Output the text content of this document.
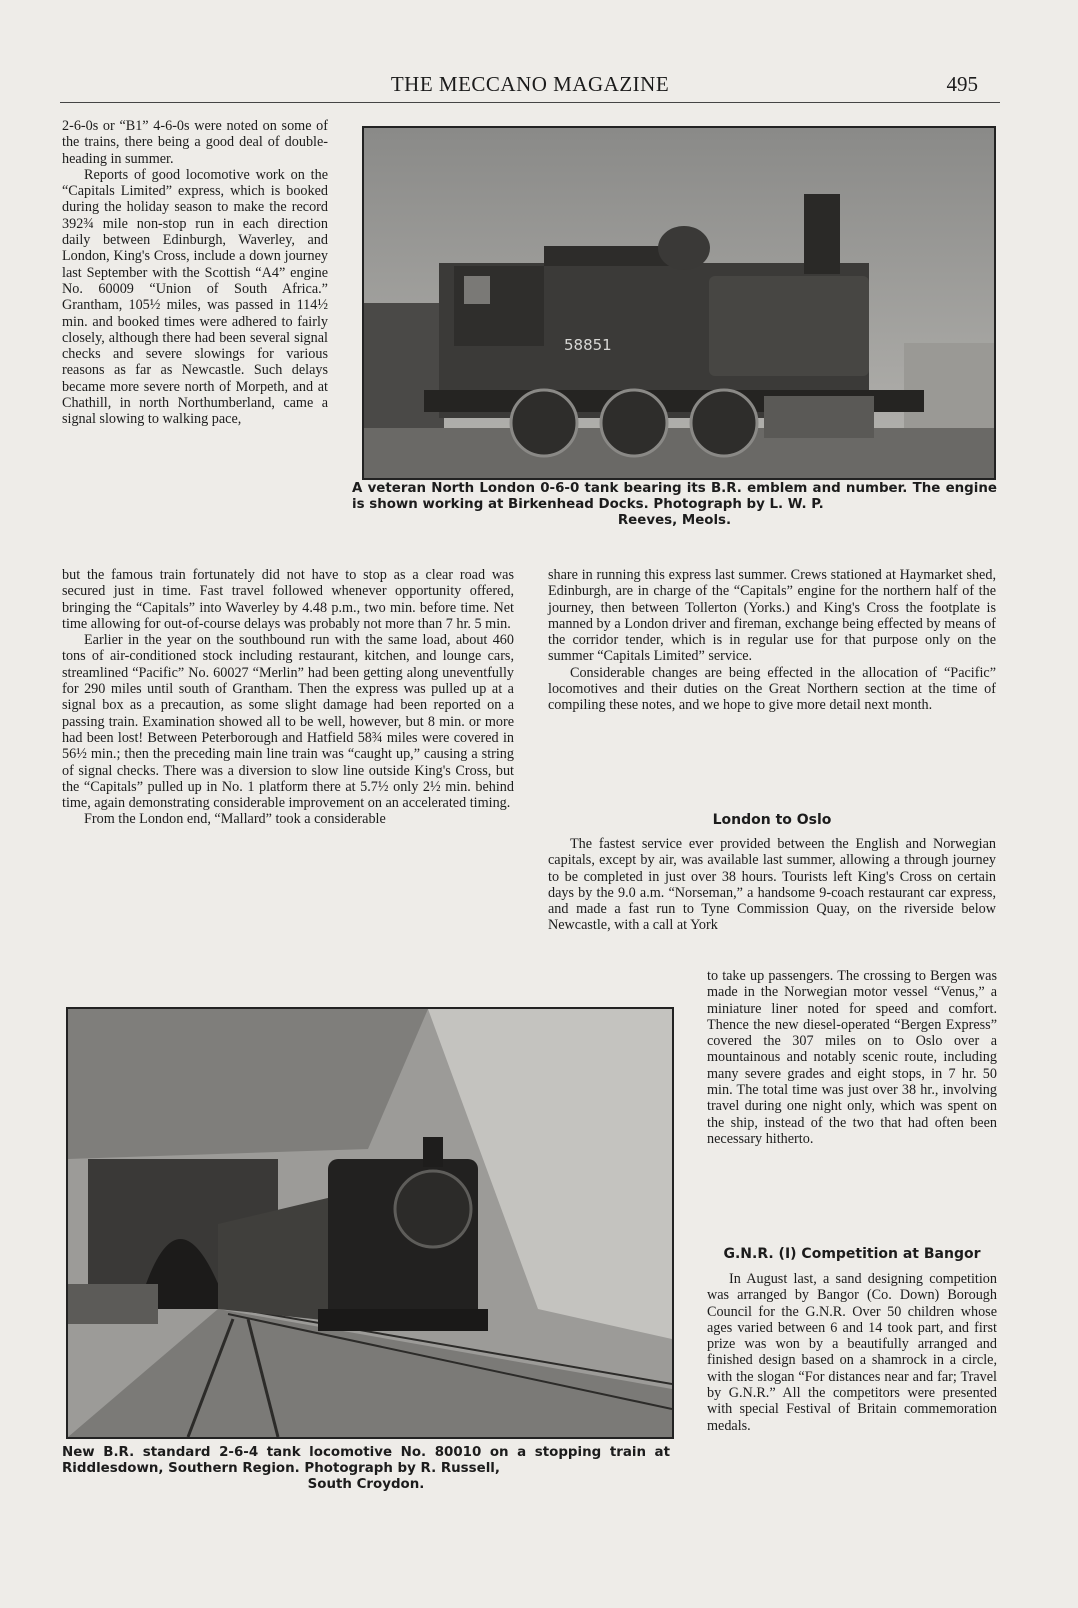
THE MECCANO MAGAZINE	495

2-6-0s or “B1” 4-6-0s were noted on some of the trains, there being a good deal of double-heading in summer.

Reports of good locomotive work on the “Capitals Limited” express, which is booked during the holiday season to make the record 392¾ mile non-stop run in each direction daily between Edinburgh, Waverley, and London, King's Cross, include a down journey last September with the Scottish “A4” engine No. 60009 “Union of South Africa.” Grantham, 105½ miles, was passed in 114½ min. and booked times were adhered to fairly closely, although there had been several signal checks and severe slowings for various reasons as far as Newcastle. Such delays became more severe north of Morpeth, and at Chathill, in north Northumberland, came a signal slowing to walking pace,

58851
A veteran North London 0-6-0 tank bearing its B.R. emblem and number. The engine is shown working at Birkenhead Docks. Photograph by L. W. P.
Reeves, Meols.

but the famous train fortunately did not have to stop as a clear road was secured just in time. Fast travel followed whenever opportunity offered, bringing the “Capitals” into Waverley by 4.48 p.m., two min. before time. Net time allowing for out-of-course delays was probably not more than 7 hr. 5 min.

Earlier in the year on the southbound run with the same load, about 460 tons of air-conditioned stock including restaurant, kitchen, and lounge cars, streamlined “Pacific” No. 60027 “Merlin” had been getting along uneventfully for 290 miles until south of Grantham. Then the express was pulled up at a signal box as a precaution, as some slight damage had been reported on a passing train. Examination showed all to be well, however, but 8 min. or more had been lost! Between Peterborough and Hatfield 58¾ miles were covered in 56½ min.; then the preceding main line train was “caught up,” causing a string of signal checks. There was a diversion to slow line outside King's Cross, but the “Capitals” pulled up in No. 1 platform there at 5.7½ only 2½ min. behind time, again demonstrating considerable improvement on an accelerated timing.

From the London end, “Mallard” took a considerable

share in running this express last summer. Crews stationed at Haymarket shed, Edinburgh, are in charge of the “Capitals” engine for the northern half of the journey, then between Tollerton (Yorks.) and King's Cross the footplate is manned by a London driver and fireman, exchange being effected by means of the corridor tender, which is in regular use for that purpose only on the summer “Capitals Limited” service.

Considerable changes are being effected in the allocation of “Pacific” locomotives and their duties on the Great Northern section at the time of compiling these notes, and we hope to give more detail next month.

London to Oslo

The fastest service ever provided between the English and Norwegian capitals, except by air, was available last summer, allowing a through journey to be completed in just over 38 hours. Tourists left King's Cross on certain days by the 9.0 a.m. “Norseman,” a handsome 9-coach restaurant car express, and made a fast run to Tyne Commission Quay, on the riverside below Newcastle, with a call at York

New B.R. standard 2-6-4 tank locomotive No. 80010 on a stopping train at Riddlesdown, Southern Region. Photograph by R. Russell,
South Croydon.

to take up passengers. The crossing to Bergen was made in the Norwegian motor vessel “Venus,” a miniature liner noted for speed and comfort. Thence the new diesel-operated “Bergen Express” covered the 307 miles on to Oslo over a mountainous and notably scenic route, including many severe grades and eight stops, in 7 hr. 50 min. The total time was just over 38 hr., involving travel during one night only, which was spent on the ship, instead of the two that had often been necessary hitherto.

G.N.R. (I) Competition at Bangor

In August last, a sand designing competition was arranged by Bangor (Co. Down) Borough Council for the G.N.R. Over 50 children whose ages varied between 6 and 14 took part, and first prize was won by a beautifully arranged and finished design based on a shamrock in a circle, with the slogan “For distances near and far; Travel by G.N.R.” All the competitors were presented with special Festival of Britain commemoration medals.
